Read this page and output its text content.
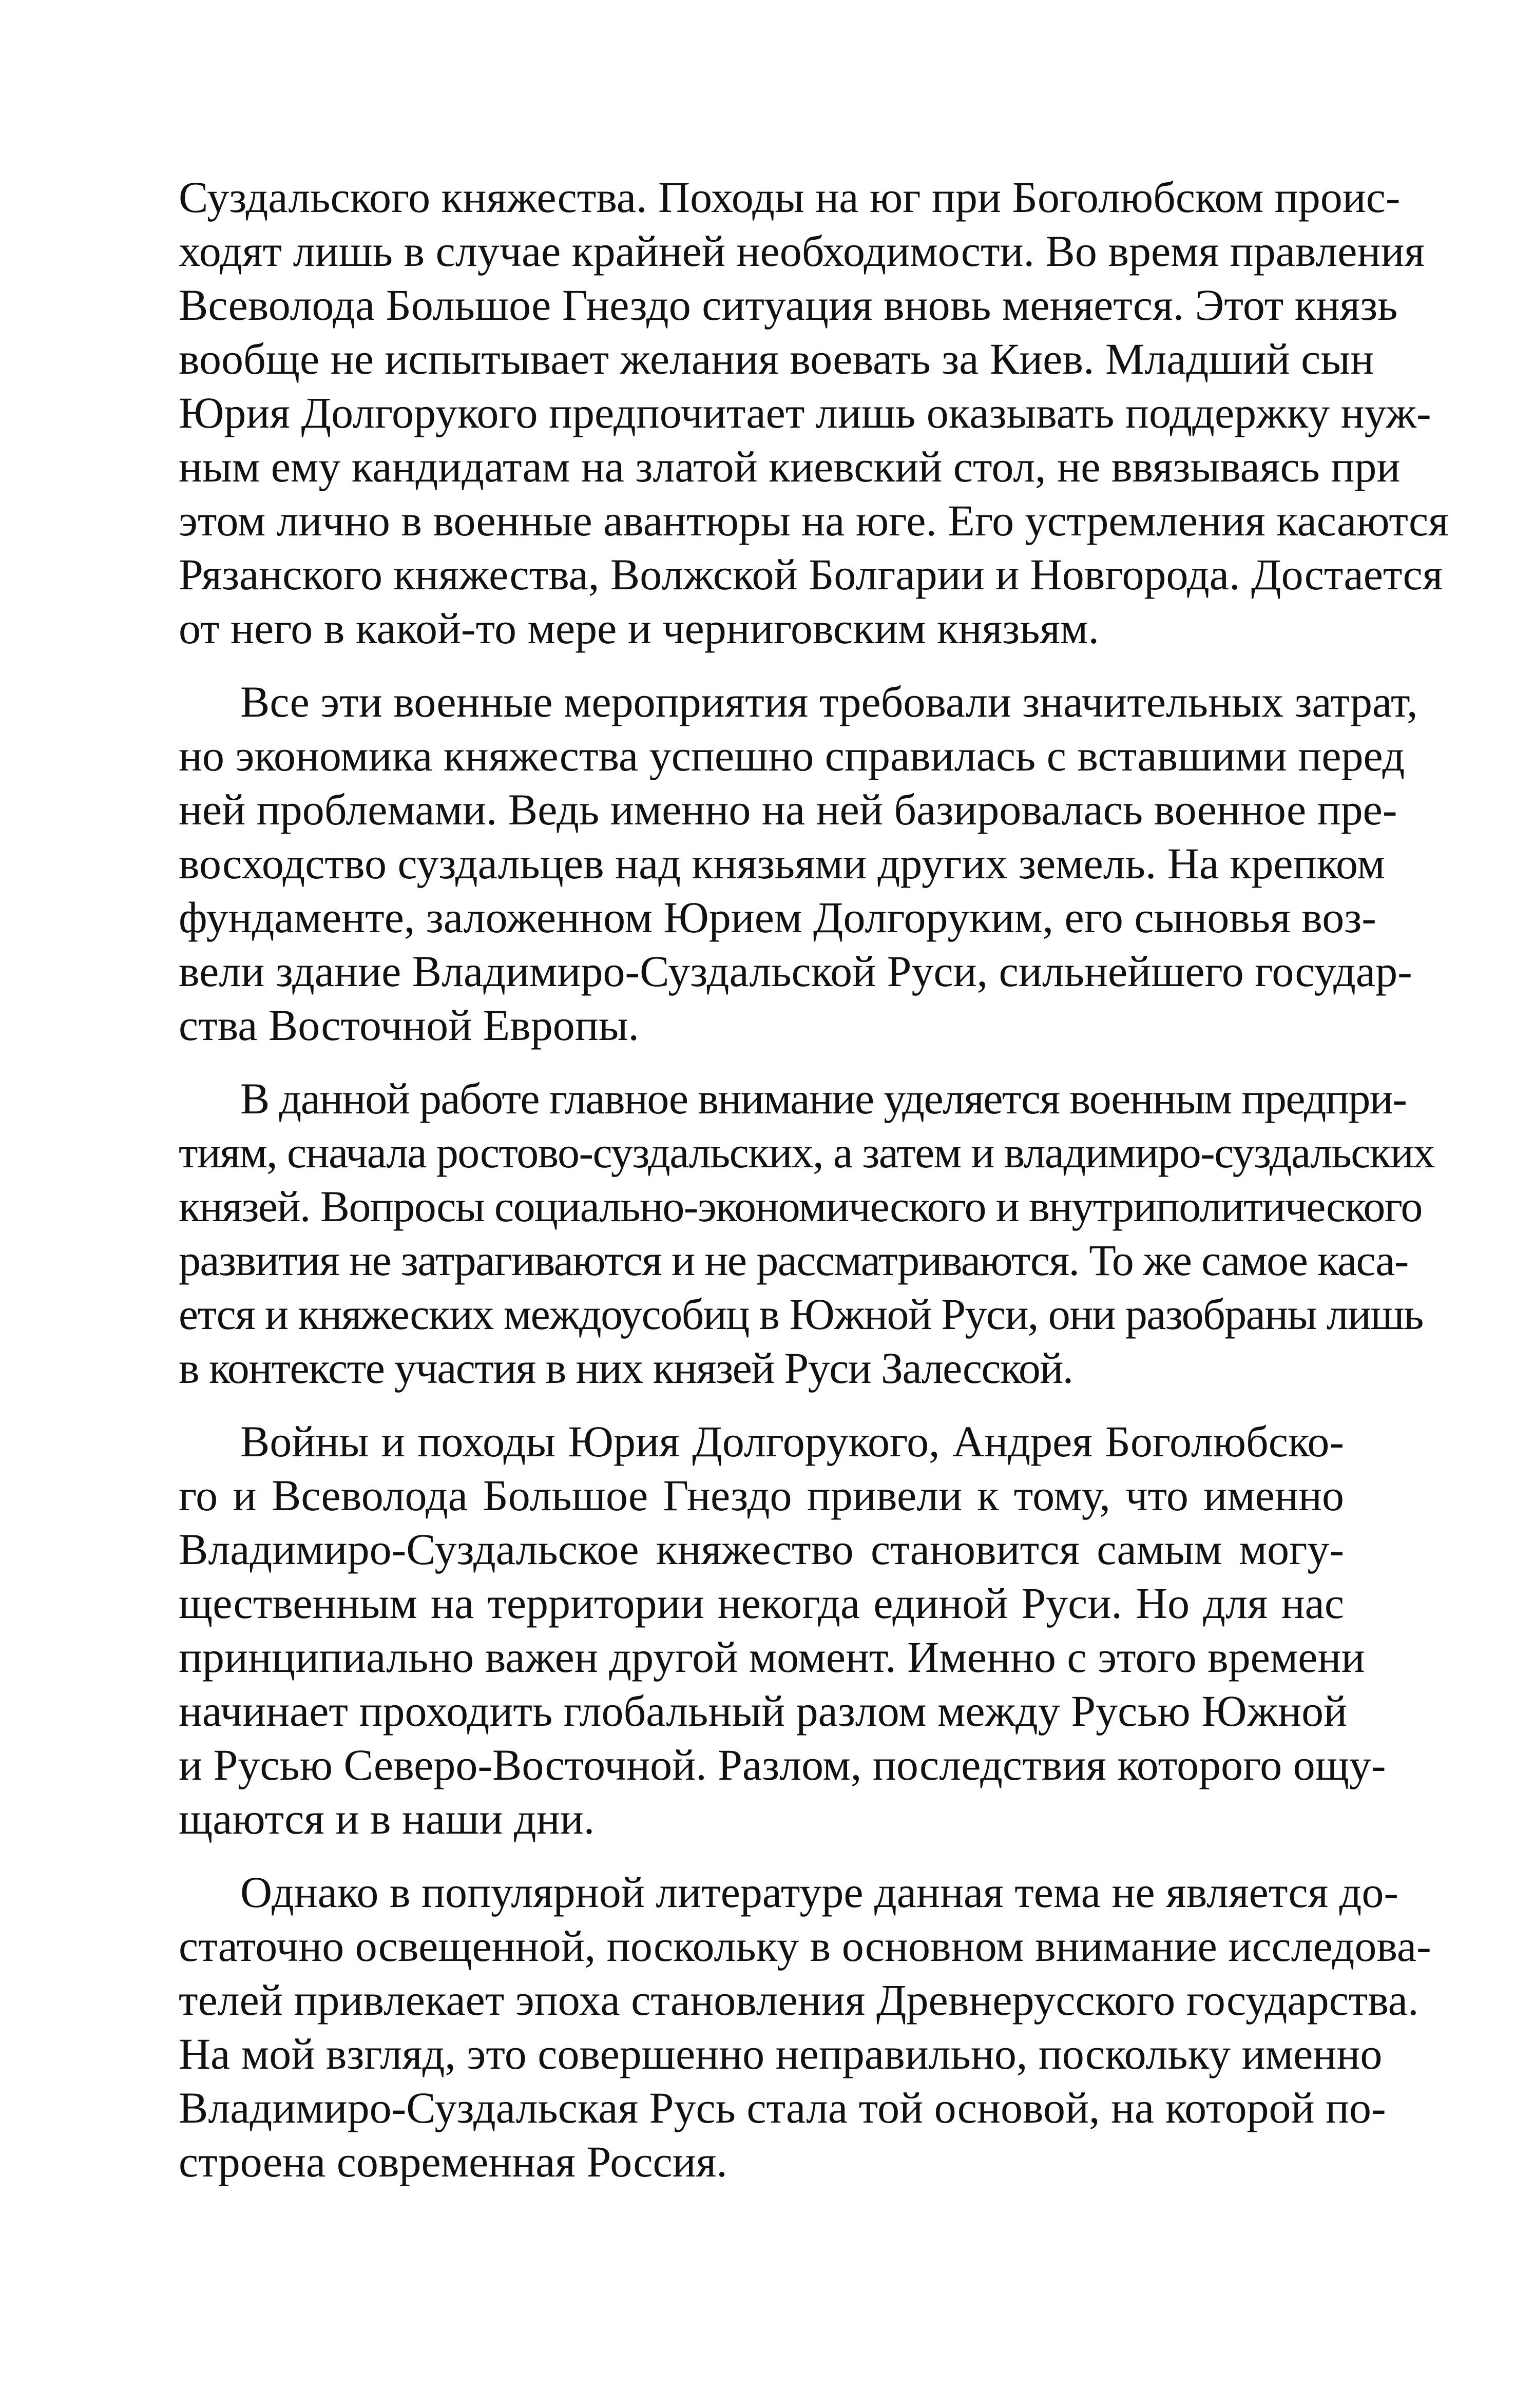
Суздальского княжества. Походы на юг при Боголюбском проис-
ходят лишь в случае крайней необходимости. Во время правления
Всеволода Большое Гнездо ситуация вновь меняется. Этот князь
вообще не испытывает желания воевать за Киев. Младший сын
Юрия Долгорукого предпочитает лишь оказывать поддержку нуж-
ным ему кандидатам на златой киевский стол, не ввязываясь при
этом лично в военные авантюры на юге. Его устремления касаются
Рязанского княжества, Волжской Болгарии и Новгорода. Достается
от него в какой-то мере и черниговским князьям.
Все эти военные мероприятия требовали значительных затрат,
но экономика княжества успешно справилась с вставшими перед
ней проблемами. Ведь именно на ней базировалась военное пре-
восходство суздальцев над князьями других земель. На крепком
фундаменте, заложенном Юрием Долгоруким, его сыновья воз-
вели здание Владимиро-Суздальской Руси, сильнейшего государ-
ства Восточной Европы.
В данной работе главное внимание уделяется военным предпри-
тиям, сначала ростово-суздальских, а затем и владимиро-суздальских
князей. Вопросы социально-экономического и внутриполитического
развития не затрагиваются и не рассматриваются. То же самое каса-
ется и княжеских междоусобиц в Южной Руси, они разобраны лишь
в контексте участия в них князей Руси Залесской.
Войны и походы Юрия Долгорукого, Андрея Боголюбско-
го и Всеволода Большое Гнездо привели к тому, что именно
Владимиро-Суздальское княжество становится самым могу-
щественным на территории некогда единой Руси. Но для нас
принципиально важен другой момент. Именно с этого времени
начинает проходить глобальный разлом между Русью Южной
и Русью Северо-Восточной. Разлом, последствия которого ощу-
щаются и в наши дни.
Однако в популярной литературе данная тема не является до-
статочно освещенной, поскольку в основном внимание исследова-
телей привлекает эпоха становления Древнерусского государства.
На мой взгляд, это совершенно неправильно, поскольку именно
Владимиро-Суздальская Русь стала той основой, на которой по-
строена современная Россия.
